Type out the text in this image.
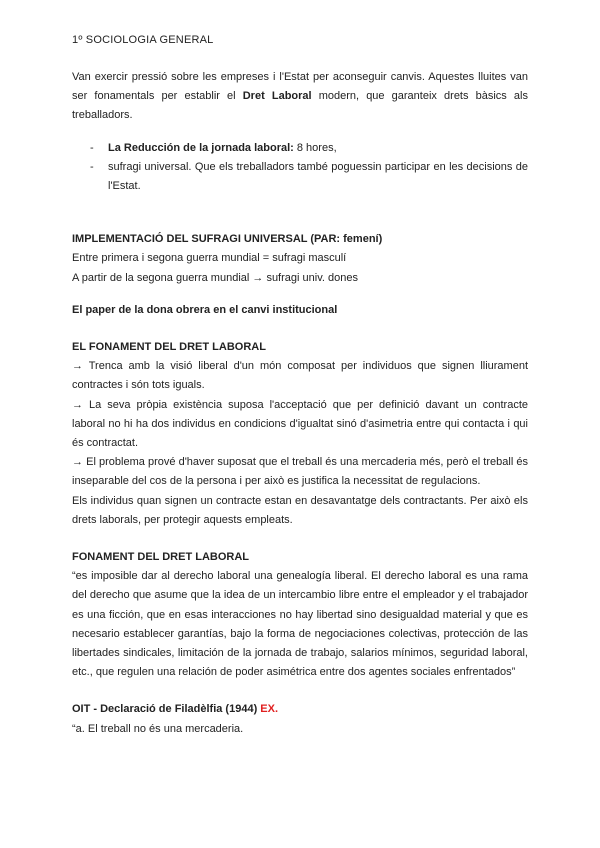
1º SOCIOLOGIA GENERAL

Van exercir pressió sobre les empreses i l'Estat per aconseguir canvis. Aquestes lluites van ser fonamentals per establir el Dret Laboral modern, que garanteix drets bàsics als treballadors.

- La Reducción de la jornada laboral: 8 hores,
- sufragi universal. Que els treballadors també poguessin participar en les decisions de l'Estat.
IMPLEMENTACIÓ DEL SUFRAGI UNIVERSAL (PAR: femení)

Entre primera i segona guerra mundial = sufragi masculí

A partir de la segona guerra mundial → sufragi univ. dones

El paper de la dona obrera en el canvi institucional
EL FONAMENT DEL DRET LABORAL

→ Trenca amb la visió liberal d'un món composat per individuos que signen lliurament contractes i són tots iguals.

→ La seva pròpia existència suposa l'acceptació que per definició davant un contracte laboral no hi ha dos individus en condicions d'igualtat sinó d'asimetria entre qui contacta i qui és contractat.

→ El problema prové d'haver suposat que el treball és una mercaderia més, però el treball és inseparable del cos de la persona i per això es justifica la necessitat de regulacions.

Els individus quan signen un contracte estan en desavantatge dels contractants. Per això els drets laborals, per protegir aquests empleats.

FONAMENT DEL DRET LABORAL

“es imposible dar al derecho laboral una genealogía liberal. El derecho laboral es una rama del derecho que asume que la idea de un intercambio libre entre el empleador y el trabajador es una ficción, que en esas interacciones no hay libertad sino desigualdad material y que es necesario establecer garantías, bajo la forma de negociaciones colectivas, protección de las libertades sindicales, limitación de la jornada de trabajo, salarios mínimos, seguridad laboral, etc., que regulen una relación de poder asimétrica entre dos agentes sociales enfrentados”

OIT - Declaració de Filadèlfia (1944) EX.

“a. El treball no és una mercaderia.
